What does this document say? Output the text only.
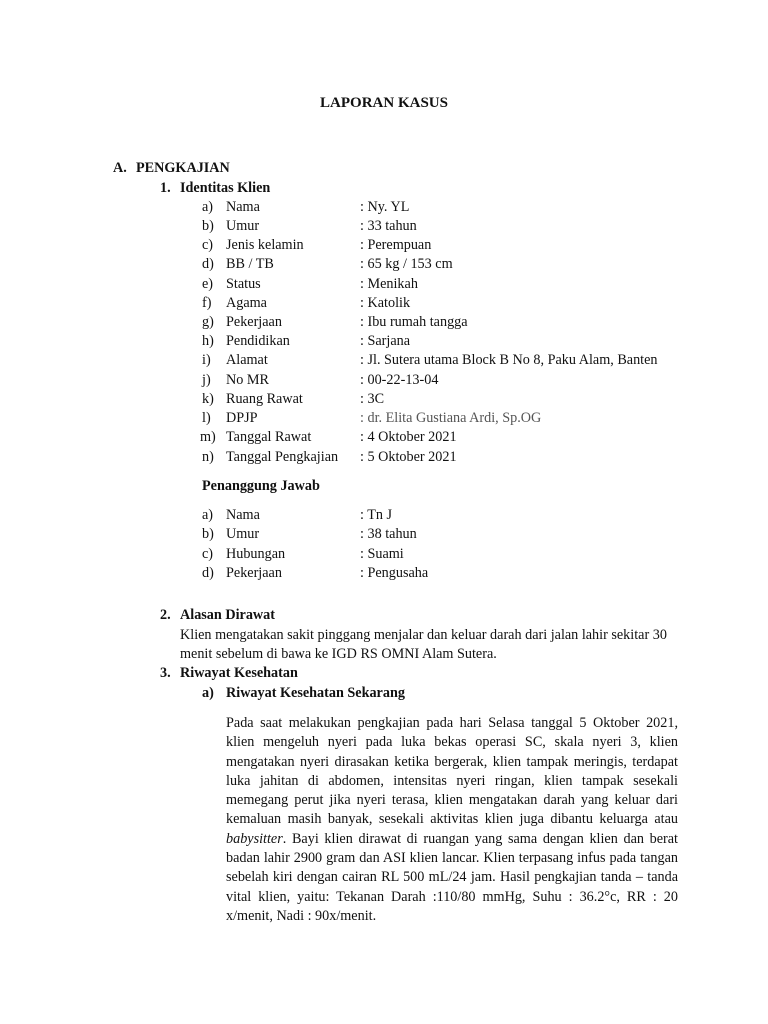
LAPORAN KASUS
A. PENGKAJIAN
1. Identitas Klien
a) Nama	: Ny. YL
b) Umur	: 33 tahun
c) Jenis kelamin	: Perempuan
d) BB / TB	: 65 kg / 153 cm
e) Status	: Menikah
f) Agama	: Katolik
g) Pekerjaan	: Ibu rumah tangga
h) Pendidikan	: Sarjana
i) Alamat	: Jl. Sutera utama Block B No 8, Paku Alam, Banten
j) No MR	: 00-22-13-04
k) Ruang Rawat	: 3C
l) DPJP	: dr. Elita Gustiana Ardi, Sp.OG
m) Tanggal Rawat	: 4 Oktober 2021
n) Tanggal Pengkajian : 5 Oktober 2021
Penanggung Jawab
a) Nama	: Tn J
b) Umur	: 38 tahun
c) Hubungan	: Suami
d) Pekerjaan	: Pengusaha
2. Alasan Dirawat
Klien mengatakan sakit pinggang menjalar dan keluar darah dari jalan lahir sekitar 30 menit sebelum di bawa ke IGD RS OMNI Alam Sutera.
3. Riwayat Kesehatan
a) Riwayat Kesehatan Sekarang
Pada saat melakukan pengkajian pada hari Selasa tanggal 5 Oktober 2021, klien mengeluh nyeri pada luka bekas operasi SC, skala nyeri 3, klien mengatakan nyeri dirasakan ketika bergerak, klien tampak meringis, terdapat luka jahitan di abdomen, intensitas nyeri ringan, klien tampak sesekali memegang perut jika nyeri terasa, klien mengatakan darah yang keluar dari kemaluan masih banyak, sesekali aktivitas klien juga dibantu keluarga atau babysitter. Bayi klien dirawat di ruangan yang sama dengan klien dan berat badan lahir 2900 gram dan ASI klien lancar. Klien terpasang infus pada tangan sebelah kiri dengan cairan RL 500 mL/24 jam. Hasil pengkajian tanda – tanda vital klien, yaitu: Tekanan Darah :110/80 mmHg, Suhu : 36.2°c, RR : 20 x/menit, Nadi : 90x/menit.
